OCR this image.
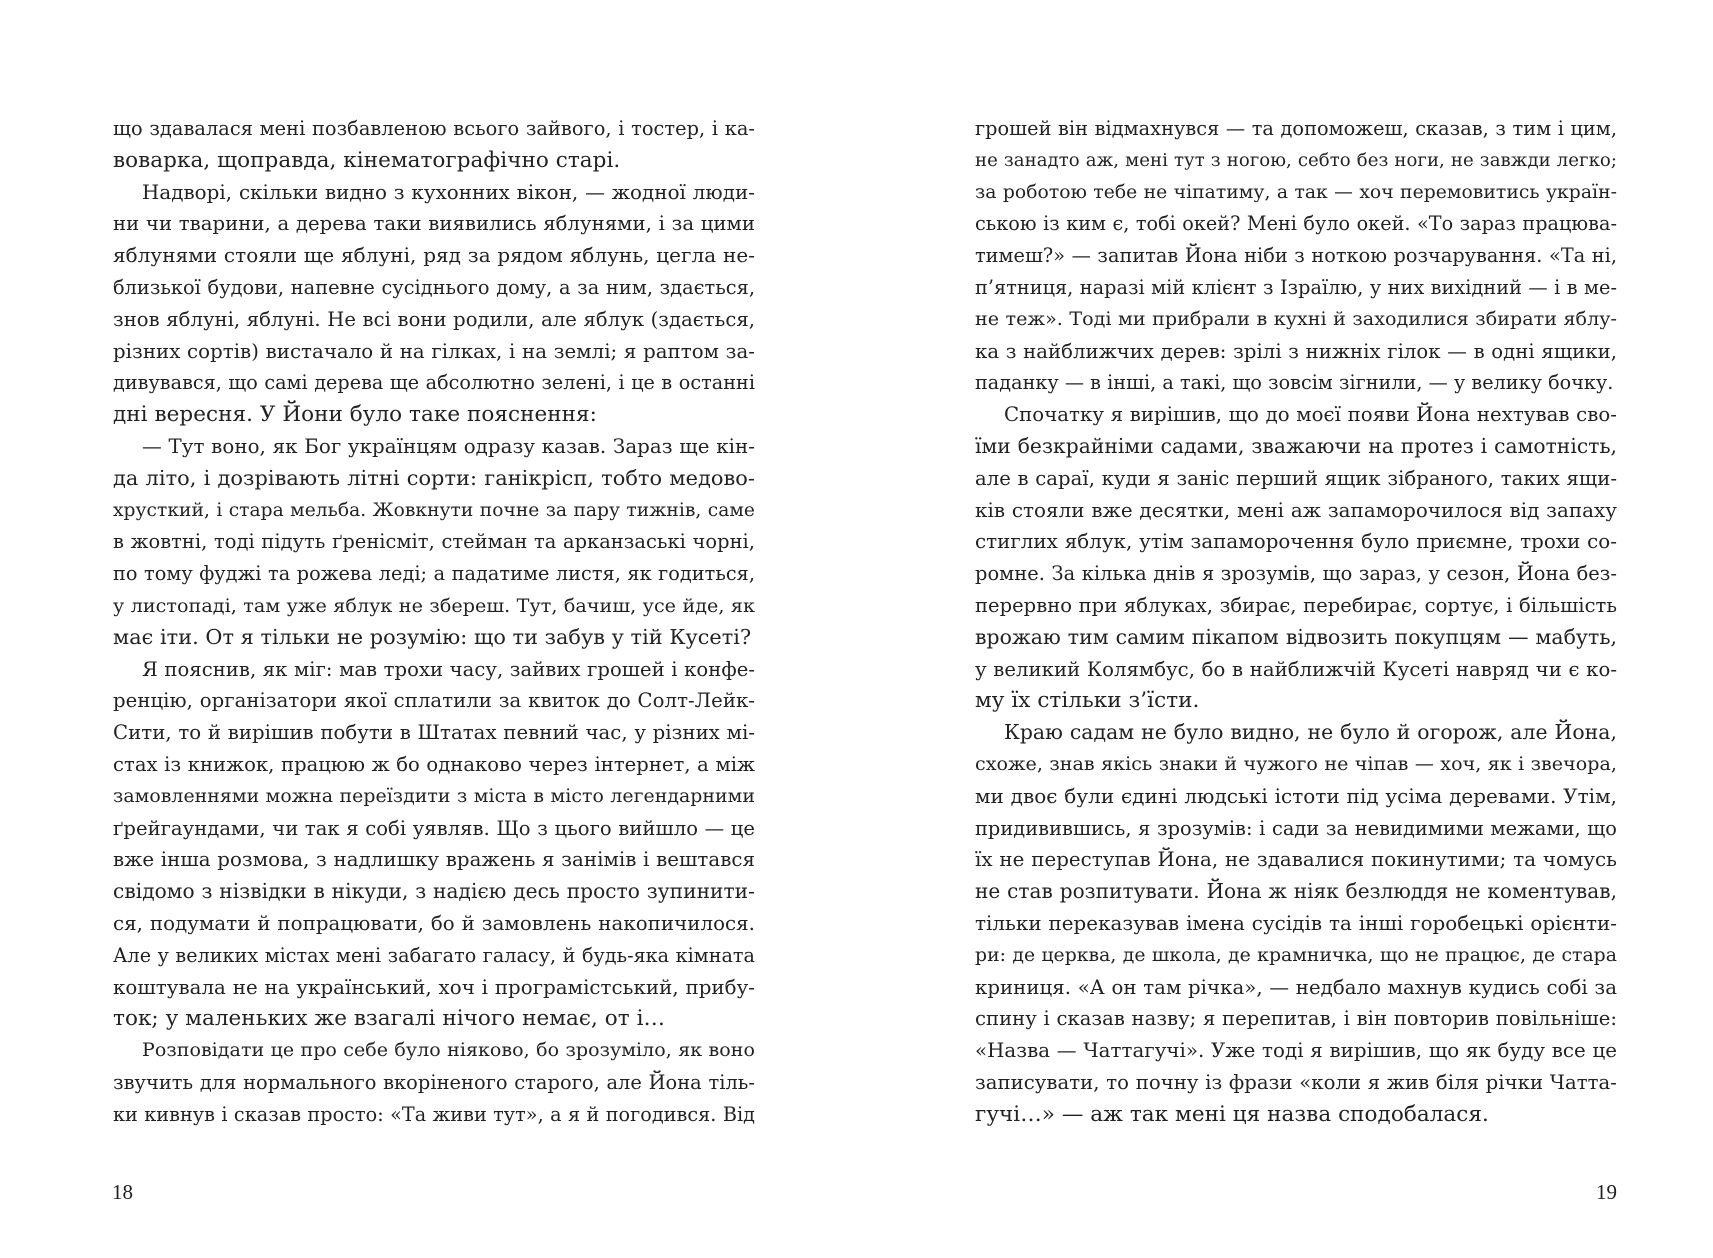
що здавалася мені позбавленою всього зайвого, і тостер, і ка-
воварка, щоправда, кінематографічно старі.
Надворі, скільки видно з кухонних вікон, — жодної люди-
ни чи тварини, а дерева таки виявились яблунями, і за цими
яблунями стояли ще яблуні, ряд за рядом яблунь, цегла не-
близької будови, напевне сусіднього дому, а за ним, здається,
знов яблуні, яблуні. Не всі вони родили, але яблук (здається,
різних сортів) вистачало й на гілках, і на землі; я раптом за-
дивувався, що самі дерева ще абсолютно зелені, і це в останні
дні вересня. У Йони було таке пояснення:
— Тут воно, як Бог українцям одразу казав. Зараз ще кін-
да літо, і дозрівають літні сорти: ганікрісп, тобто медово-
хрусткий, і стара мельба. Жовкнути почне за пару тижнів, саме
в жовтні, тоді підуть ґренісміт, стейман та арканзаські чорні,
по тому фуджі та рожева леді; а падатиме листя, як годиться,
у листопаді, там уже яблук не збереш. Тут, бачиш, усе йде, як
має іти. От я тільки не розумію: що ти забув у тій Кусеті?
Я пояснив, як міг: мав трохи часу, зайвих грошей і конфе-
ренцію, організатори якої сплатили за квиток до Солт-Лейк-
Сити, то й вирішив побути в Штатах певний час, у різних мі-
стах із книжок, працюю ж бо однаково через інтернет, а між
замовленнями можна переїздити з міста в місто легендарними
ґрейгаундами, чи так я собі уявляв. Що з цього вийшло — це
вже інша розмова, з надлишку вражень я занімів і вештався
свідомо з нізвідки в нікуди, з надією десь просто зупинити-
ся, подумати й попрацювати, бо й замовлень накопичилося.
Але у великих містах мені забагато галасу, й будь-яка кімната
коштувала не на український, хоч і програмістський, прибу-
ток; у маленьких же взагалі нічого немає, от і…
Розповідати це про себе було ніяково, бо зрозуміло, як воно
звучить для нормального вкоріненого старого, але Йона тіль-
ки кивнув і сказав просто: «Та живи тут», а я й погодився. Від
18
грошей він відмахнувся — та допоможеш, сказав, з тим і цим,
не занадто аж, мені тут з ногою, себто без ноги, не завжди легко;
за роботою тебе не чіпатиму, а так — хоч перемовитись україн-
ською із ким є, тобі окей? Мені було окей. «То зараз працюва-
тимеш?» — запитав Йона ніби з ноткою розчарування. «Та ні,
п’ятниця, наразі мій клієнт з Ізраїлю, у них вихідний — і в ме-
не теж». Тоді ми прибрали в кухні й заходилися збирати яблу-
ка з найближчих дерев: зрілі з нижніх гілок — в одні ящики,
паданку — в інші, а такі, що зовсім зігнили, — у велику бочку.
Спочатку я вирішив, що до моєї появи Йона нехтував сво-
їми безкрайніми садами, зважаючи на протез і самотність,
але в сараї, куди я заніс перший ящик зібраного, таких ящи-
ків стояли вже десятки, мені аж запаморочилося від запаху
стиглих яблук, утім запаморочення було приємне, трохи со-
ромне. За кілька днів я зрозумів, що зараз, у сезон, Йона без-
перервно при яблуках, збирає, перебирає, сортує, і більшість
врожаю тим самим пікапом відвозить покупцям — мабуть,
у великий Колямбус, бо в найближчій Кусеті навряд чи є ко-
му їх стільки з’їсти.
Краю садам не було видно, не було й огорож, але Йона,
схоже, знав якісь знаки й чужого не чіпав — хоч, як і звечора,
ми двоє були єдині людські істоти під усіма деревами. Утім,
придивившись, я зрозумів: і сади за невидимими межами, що
їх не переступав Йона, не здавалися покинутими; та чомусь
не став розпитувати. Йона ж ніяк безлюддя не коментував,
тільки переказував імена сусідів та інші горобецькі орієнти-
ри: де церква, де школа, де крамничка, що не працює, де стара
криниця. «А он там річка», — недбало махнув кудись собі за
спину і сказав назву; я перепитав, і він повторив повільніше:
«Назва — Чаттагучі». Уже тоді я вирішив, що як буду все це
записувати, то почну із фрази «коли я жив біля річки Чатта-
гучі…» — аж так мені ця назва сподобалася.
19
